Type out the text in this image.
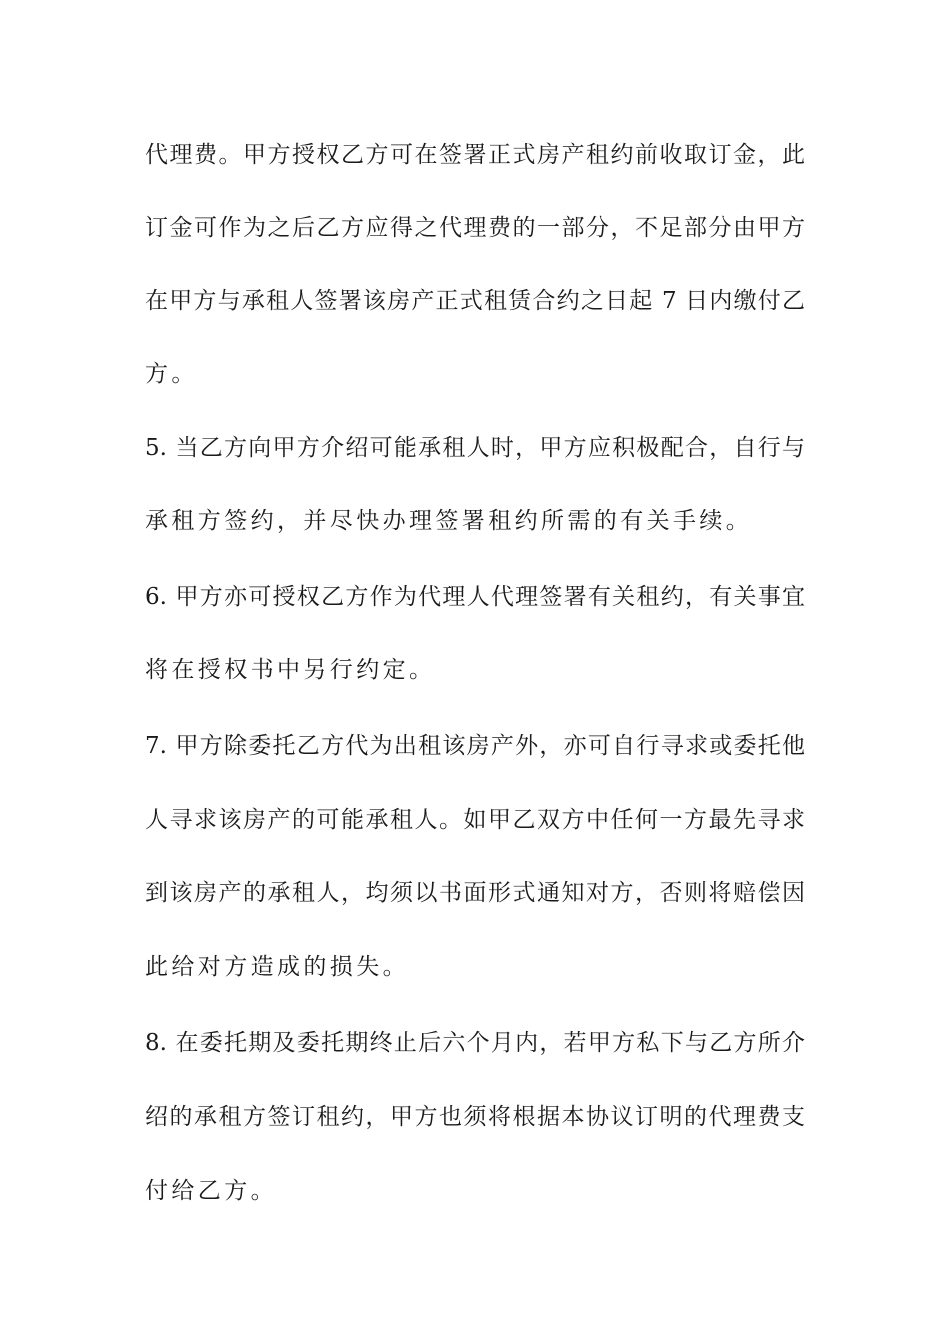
代理费。甲方授权乙方可在签署正式房产租约前收取订金，此
订金可作为之后乙方应得之代理费的一部分，不足部分由甲方
在甲方与承租人签署该房产正式租赁合约之日起 7 日内缴付乙
方。
5. 当乙方向甲方介绍可能承租人时，甲方应积极配合，自行与
承租方签约，并尽快办理签署租约所需的有关手续。
6. 甲方亦可授权乙方作为代理人代理签署有关租约，有关事宜
将在授权书中另行约定。
7. 甲方除委托乙方代为出租该房产外，亦可自行寻求或委托他
人寻求该房产的可能承租人。如甲乙双方中任何一方最先寻求
到该房产的承租人，均须以书面形式通知对方，否则将赔偿因
此给对方造成的损失。
8. 在委托期及委托期终止后六个月内，若甲方私下与乙方所介
绍的承租方签订租约，甲方也须将根据本协议订明的代理费支
付给乙方。
